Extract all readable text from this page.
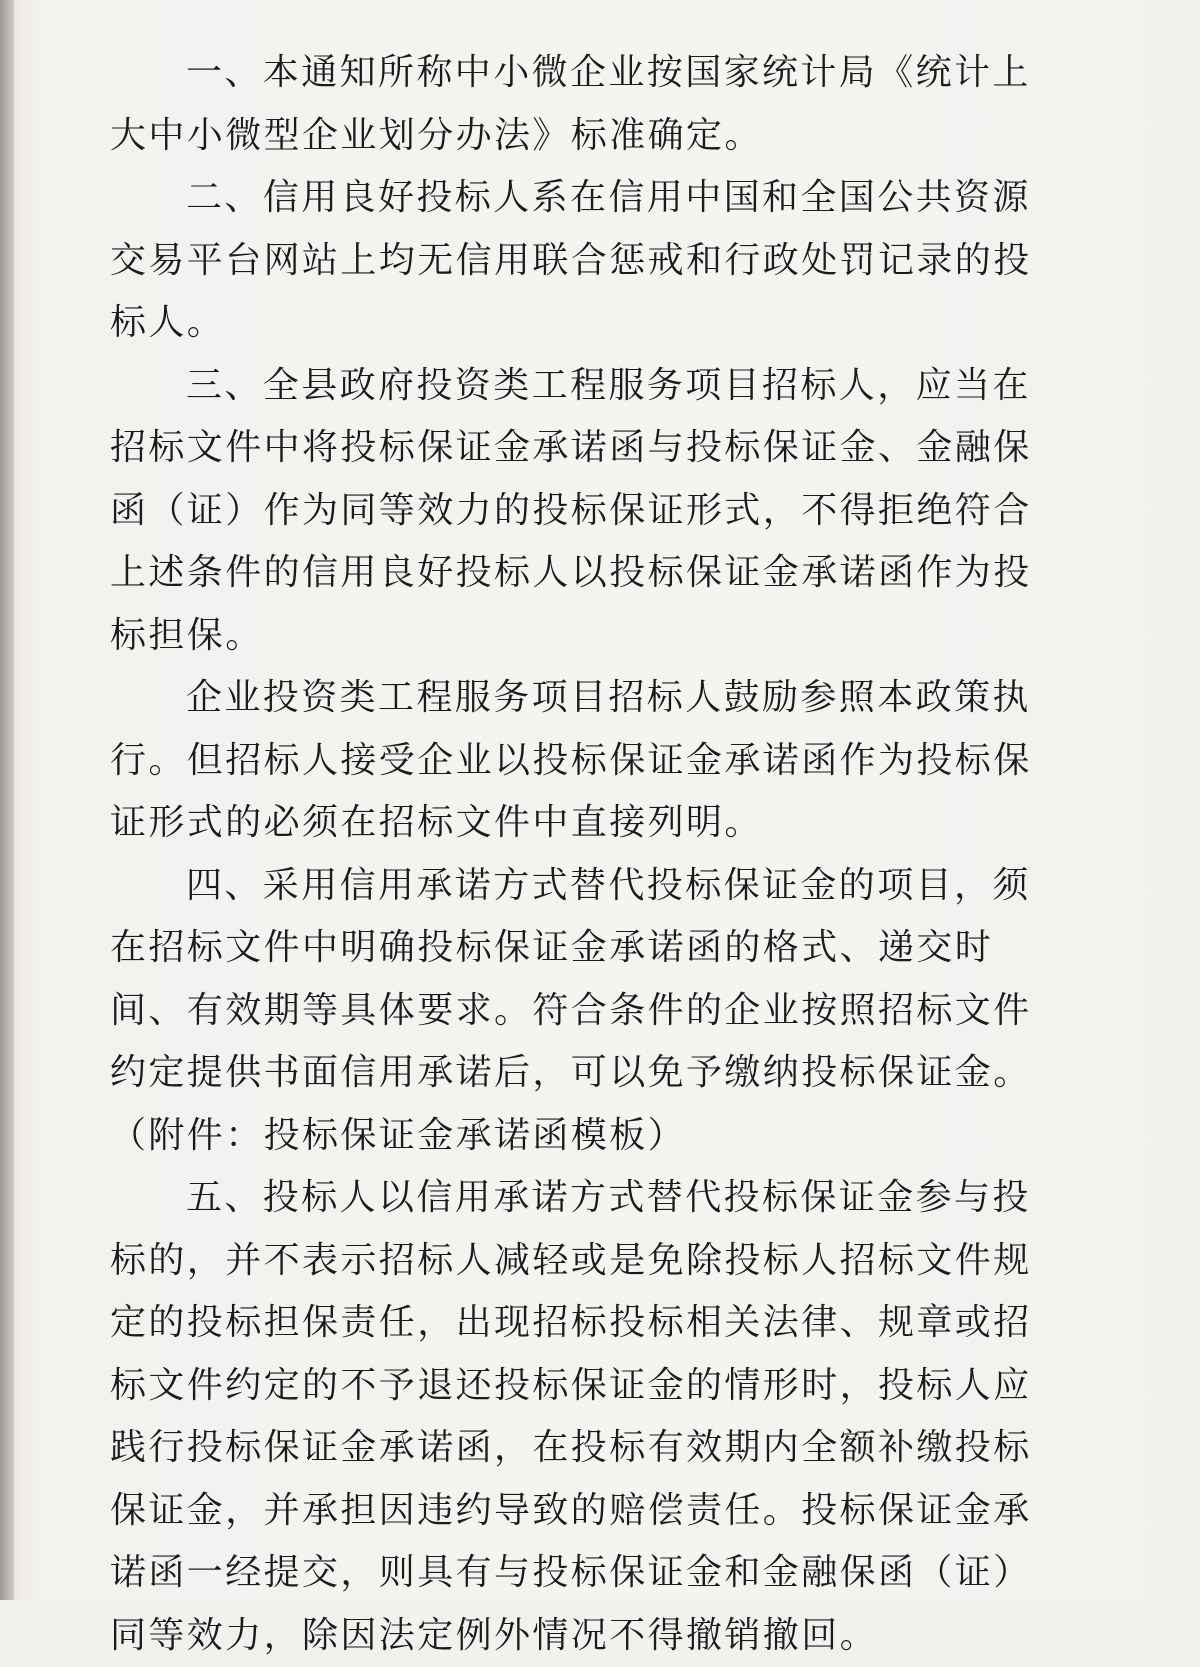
一、本通知所称中小微企业按国家统计局《统计上大中小微型企业划分办法》标准确定。

二、信用良好投标人系在信用中国和全国公共资源交易平台网站上均无信用联合惩戒和行政处罚记录的投标人。

三、全县政府投资类工程服务项目招标人，应当在招标文件中将投标保证金承诺函与投标保证金、金融保函（证）作为同等效力的投标保证形式，不得拒绝符合上述条件的信用良好投标人以投标保证金承诺函作为投标担保。

企业投资类工程服务项目招标人鼓励参照本政策执行。但招标人接受企业以投标保证金承诺函作为投标保证形式的必须在招标文件中直接列明。

四、采用信用承诺方式替代投标保证金的项目，须在招标文件中明确投标保证金承诺函的格式、递交时间、有效期等具体要求。符合条件的企业按照招标文件约定提供书面信用承诺后，可以免予缴纳投标保证金。（附件：投标保证金承诺函模板）

五、投标人以信用承诺方式替代投标保证金参与投标的，并不表示招标人减轻或是免除投标人招标文件规定的投标担保责任，出现招标投标相关法律、规章或招标文件约定的不予退还投标保证金的情形时，投标人应践行投标保证金承诺函，在投标有效期内全额补缴投标保证金，并承担因违约导致的赔偿责任。投标保证金承诺函一经提交，则具有与投标保证金和金融保函（证）同等效力，除因法定例外情况不得撤销撤回。
